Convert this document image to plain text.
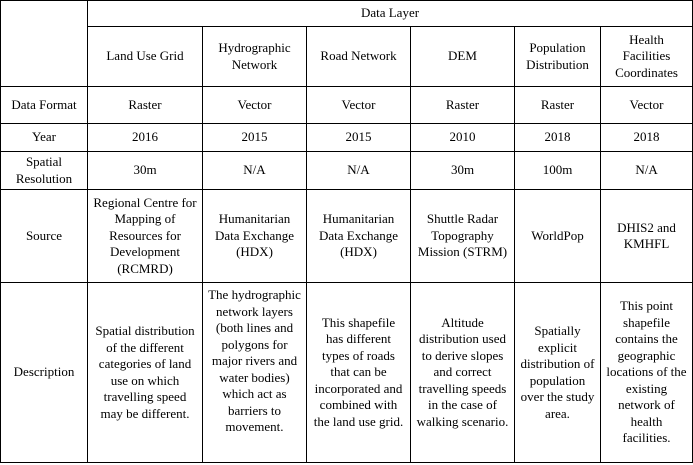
	Data Layer					
	Land Use Grid	Hydrographic Network	Road Network	DEM	Population Distribution	Health Facilities Coordinates
Data Format	Raster	Vector	Vector	Raster	Raster	Vector
Year	2016	2015	2015	2010	2018	2018
Spatial Resolution	30m	N/A	N/A	30m	100m	N/A
Source	Regional Centre for Mapping of Resources for Development (RCMRD)	Humanitarian Data Exchange (HDX)	Humanitarian Data Exchange (HDX)	Shuttle Radar Topography Mission (STRM)	WorldPop	DHIS2 and KMHFL
Description	Spatial distribution of the different categories of land use on which travelling speed may be different.	The hydrographic network layers (both lines and polygons for major rivers and water bodies) which act as barriers to movement.	This shapefile has different types of roads that can be incorporated and combined with the land use grid.	Altitude distribution used to derive slopes and correct travelling speeds in the case of walking scenario.	Spatially explicit distribution of population over the study area.	This point shapefile contains the geographic locations of the existing network of health facilities.
